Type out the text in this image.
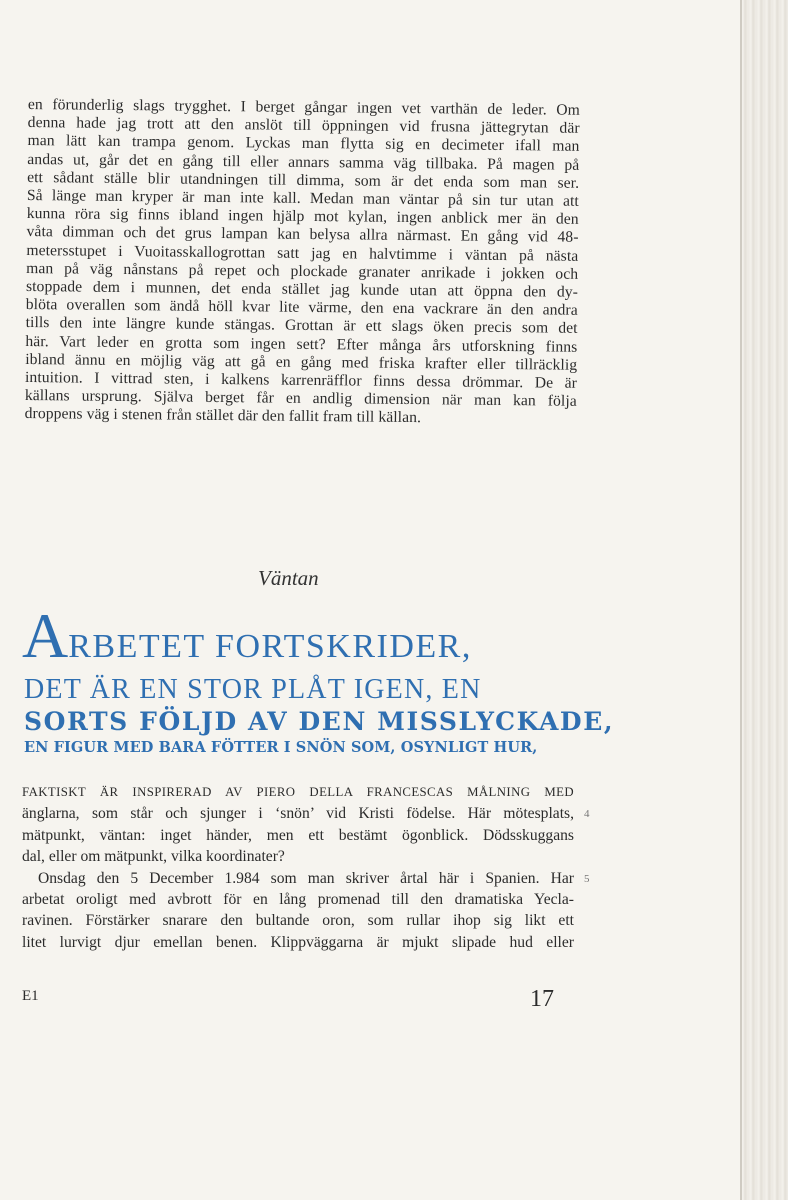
en förunderlig slags trygghet. I berget gångar ingen vet varthän de leder. Om
denna hade jag trott att den anslöt till öppningen vid frusna jättegrytan där
man lätt kan trampa genom. Lyckas man flytta sig en decimeter ifall man
andas ut, går det en gång till eller annars samma väg tillbaka. På magen på
ett sådant ställe blir utandningen till dimma, som är det enda som man ser.
Så länge man kryper är man inte kall. Medan man väntar på sin tur utan att
kunna röra sig finns ibland ingen hjälp mot kylan, ingen anblick mer än den
våta dimman och det grus lampan kan belysa allra närmast. En gång vid 48-
metersstupet i Vuoitasskallogrottan satt jag en halvtimme i väntan på nästa
man på väg nånstans på repet och plockade granater anrikade i jokken och
stoppade dem i munnen, det enda stället jag kunde utan att öppna den dy-
blöta overallen som ändå höll kvar lite värme, den ena vackrare än den andra
tills den inte längre kunde stängas. Grottan är ett slags öken precis som det
här. Vart leder en grotta som ingen sett? Efter många års utforskning finns
ibland ännu en möjlig väg att gå en gång med friska krafter eller tillräcklig
intuition. I vittrad sten, i kalkens karrenräfflor finns dessa drömmar. De är
källans ursprung. Själva berget får en andlig dimension när man kan följa
droppens väg i stenen från stället där den fallit fram till källan.
Väntan
ARBETET FORTSKRIDER,
DET ÄR EN STOR PLÅT IGEN, EN
SORTS FÖLJD AV DEN MISSLYCKADE,
EN FIGUR MED BARA FÖTTER I SNÖN SOM, OSYNLIGT HUR,
FAKTISKT ÄR INSPIRERAD AV PIERO DELLA FRANCESCAS MÅLNING MED
änglarna, som står och sjunger i ‘snön’ vid Kristi födelse. Här mötesplats,
mätpunkt, väntan: inget händer, men ett bestämt ögonblick. Dödsskuggans
dal, eller om mätpunkt, vilka koordinater?
Onsdag den 5 December 1.984 som man skriver årtal här i Spanien. Har
arbetat oroligt med avbrott för en lång promenad till den dramatiska Yecla-
ravinen. Förstärker snarare den bultande oron, som rullar ihop sig likt ett
litet lurvigt djur emellan benen. Klippväggarna är mjukt slipade hud eller
4
5
E1	17
